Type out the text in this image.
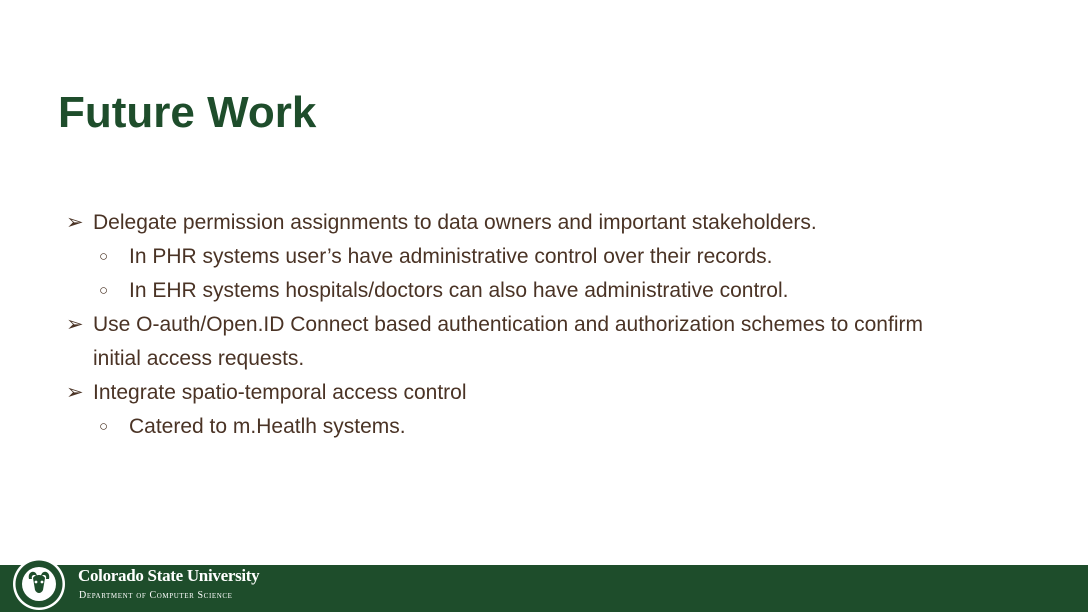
Future Work
➢ Delegate permission assignments to data owners and important stakeholders.
○ In PHR systems user’s have administrative control over their records.
○ In EHR systems hospitals/doctors can also have administrative control.
➢ Use O-auth/Open.ID Connect based authentication and authorization schemes to confirm
initial access requests.
➢ Integrate spatio-temporal access control
○ Catered to m.Heatlh systems.
Colorado State University
Department of Computer Science
